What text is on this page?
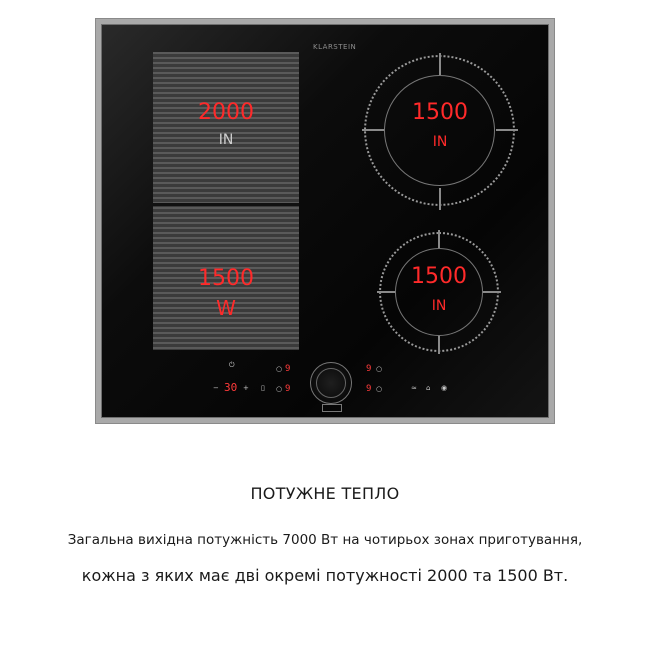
KLARSTEIN
2000
IN
1500
W
1500
IN
1500
IN
⏻
− 30 + ▯
○ 9
○ 9
9 ○
9 ○	≈ ⌂ ◉
ПОТУЖНЕ ТЕПЛО
Загальна вихідна потужність 7000 Вт на чотирьох зонах приготування,
кожна з яких має дві окремі потужності 2000 та 1500 Вт.
